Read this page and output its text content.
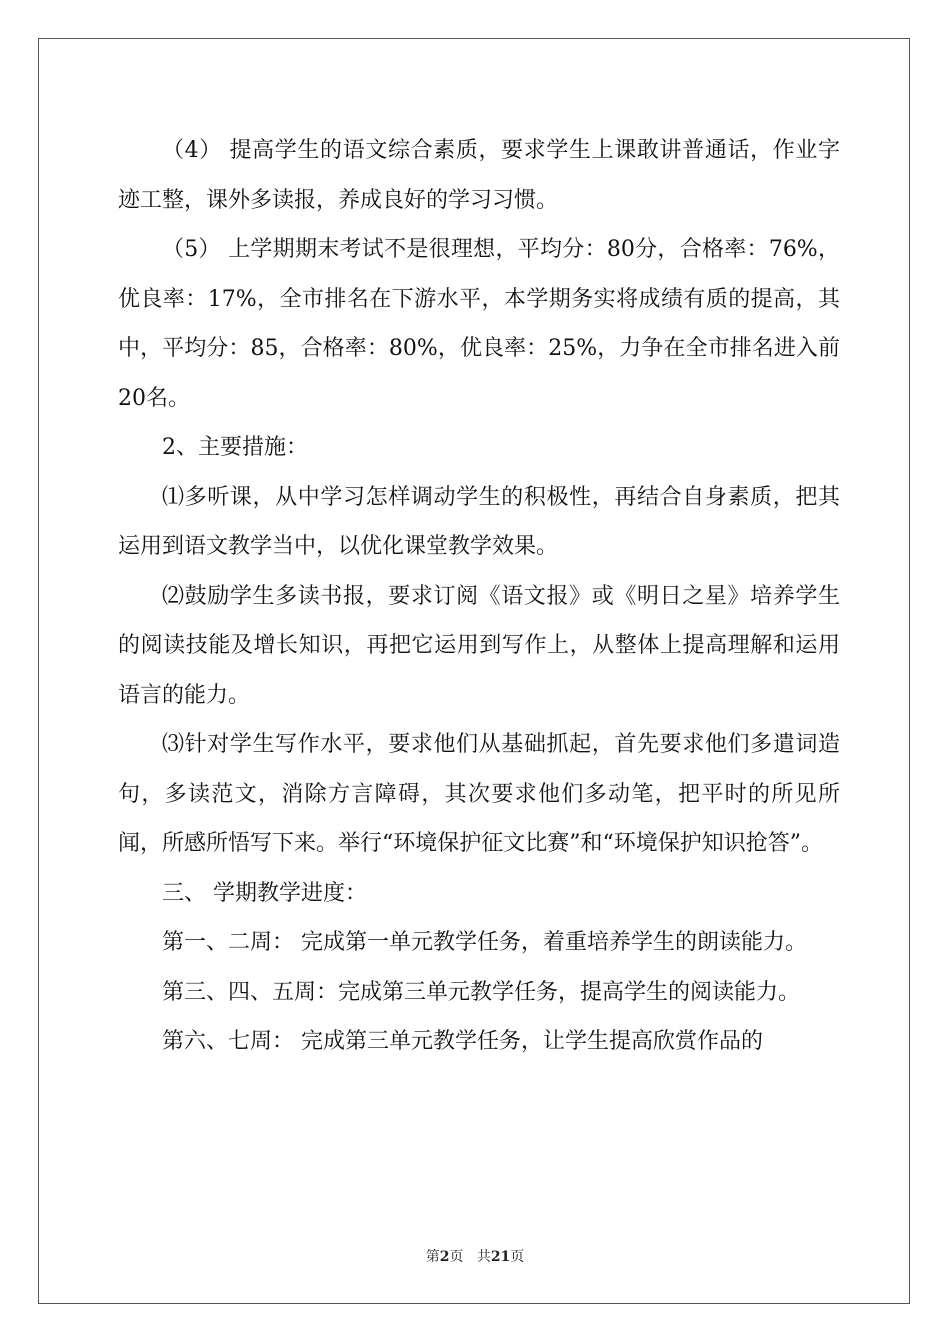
（4） 提高学生的语文综合素质，要求学生上课敢讲普通话，作业字迹工整，课外多读报，养成良好的学习习惯。

（5） 上学期期末考试不是很理想，平均分：80分，合格率：76%，优良率：17%，全市排名在下游水平，本学期务实将成绩有质的提高，其中，平均分：85，合格率：80%，优良率：25%，力争在全市排名进入前20名。

2、主要措施：

⑴多听课，从中学习怎样调动学生的积极性，再结合自身素质，把其运用到语文教学当中，以优化课堂教学效果。

⑵鼓励学生多读书报，要求订阅《语文报》或《明日之星》培养学生的阅读技能及增长知识，再把它运用到写作上，从整体上提高理解和运用语言的能力。

⑶针对学生写作水平，要求他们从基础抓起，首先要求他们多遣词造句，多读范文，消除方言障碍，其次要求他们多动笔，把平时的所见所闻，所感所悟写下来。举行“环境保护征文比赛”和“环境保护知识抢答”。

三、 学期教学进度：

第一、二周： 完成第一单元教学任务，着重培养学生的朗读能力。

第三、四、五周：完成第三单元教学任务，提高学生的阅读能力。

第六、七周： 完成第三单元教学任务，让学生提高欣赏作品的

第2页 共21页
